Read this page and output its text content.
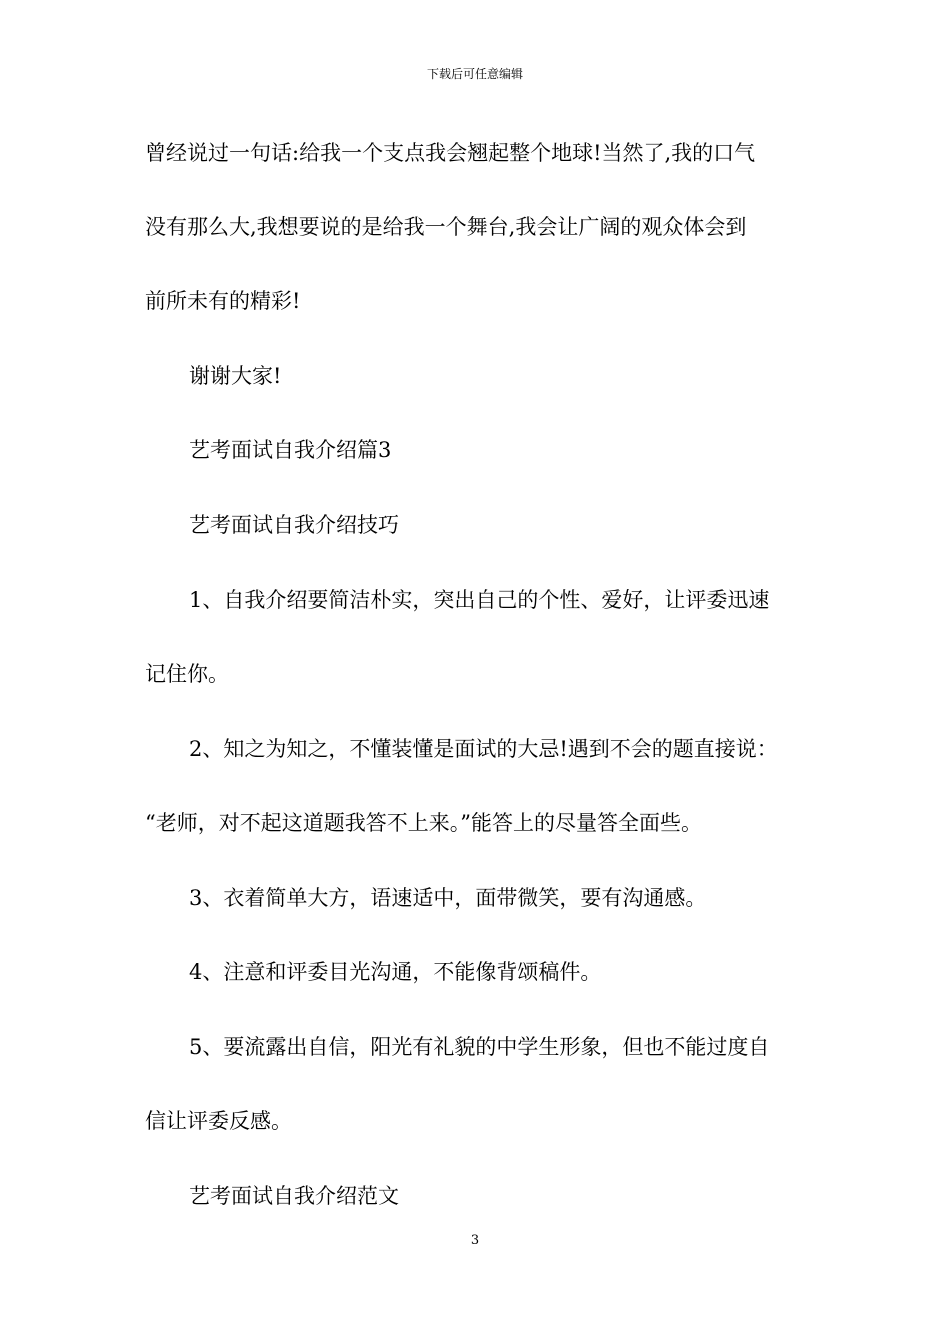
下载后可任意编辑
曾经说过一句话:给我一个支点我会翘起整个地球!当然了,我的口气
没有那么大,我想要说的是给我一个舞台,我会让广阔的观众体会到
前所未有的精彩!
谢谢大家!
艺考面试自我介绍篇3
艺考面试自我介绍技巧
1、自我介绍要简洁朴实，突出自己的个性、爱好，让评委迅速
记住你。
2、知之为知之，不懂装懂是面试的大忌!遇到不会的题直接说：
“老师，对不起这道题我答不上来。”能答上的尽量答全面些。
3、衣着简单大方，语速适中，面带微笑，要有沟通感。
4、注意和评委目光沟通，不能像背颂稿件。
5、要流露出自信，阳光有礼貌的中学生形象，但也不能过度自
信让评委反感。
艺考面试自我介绍范文
3
